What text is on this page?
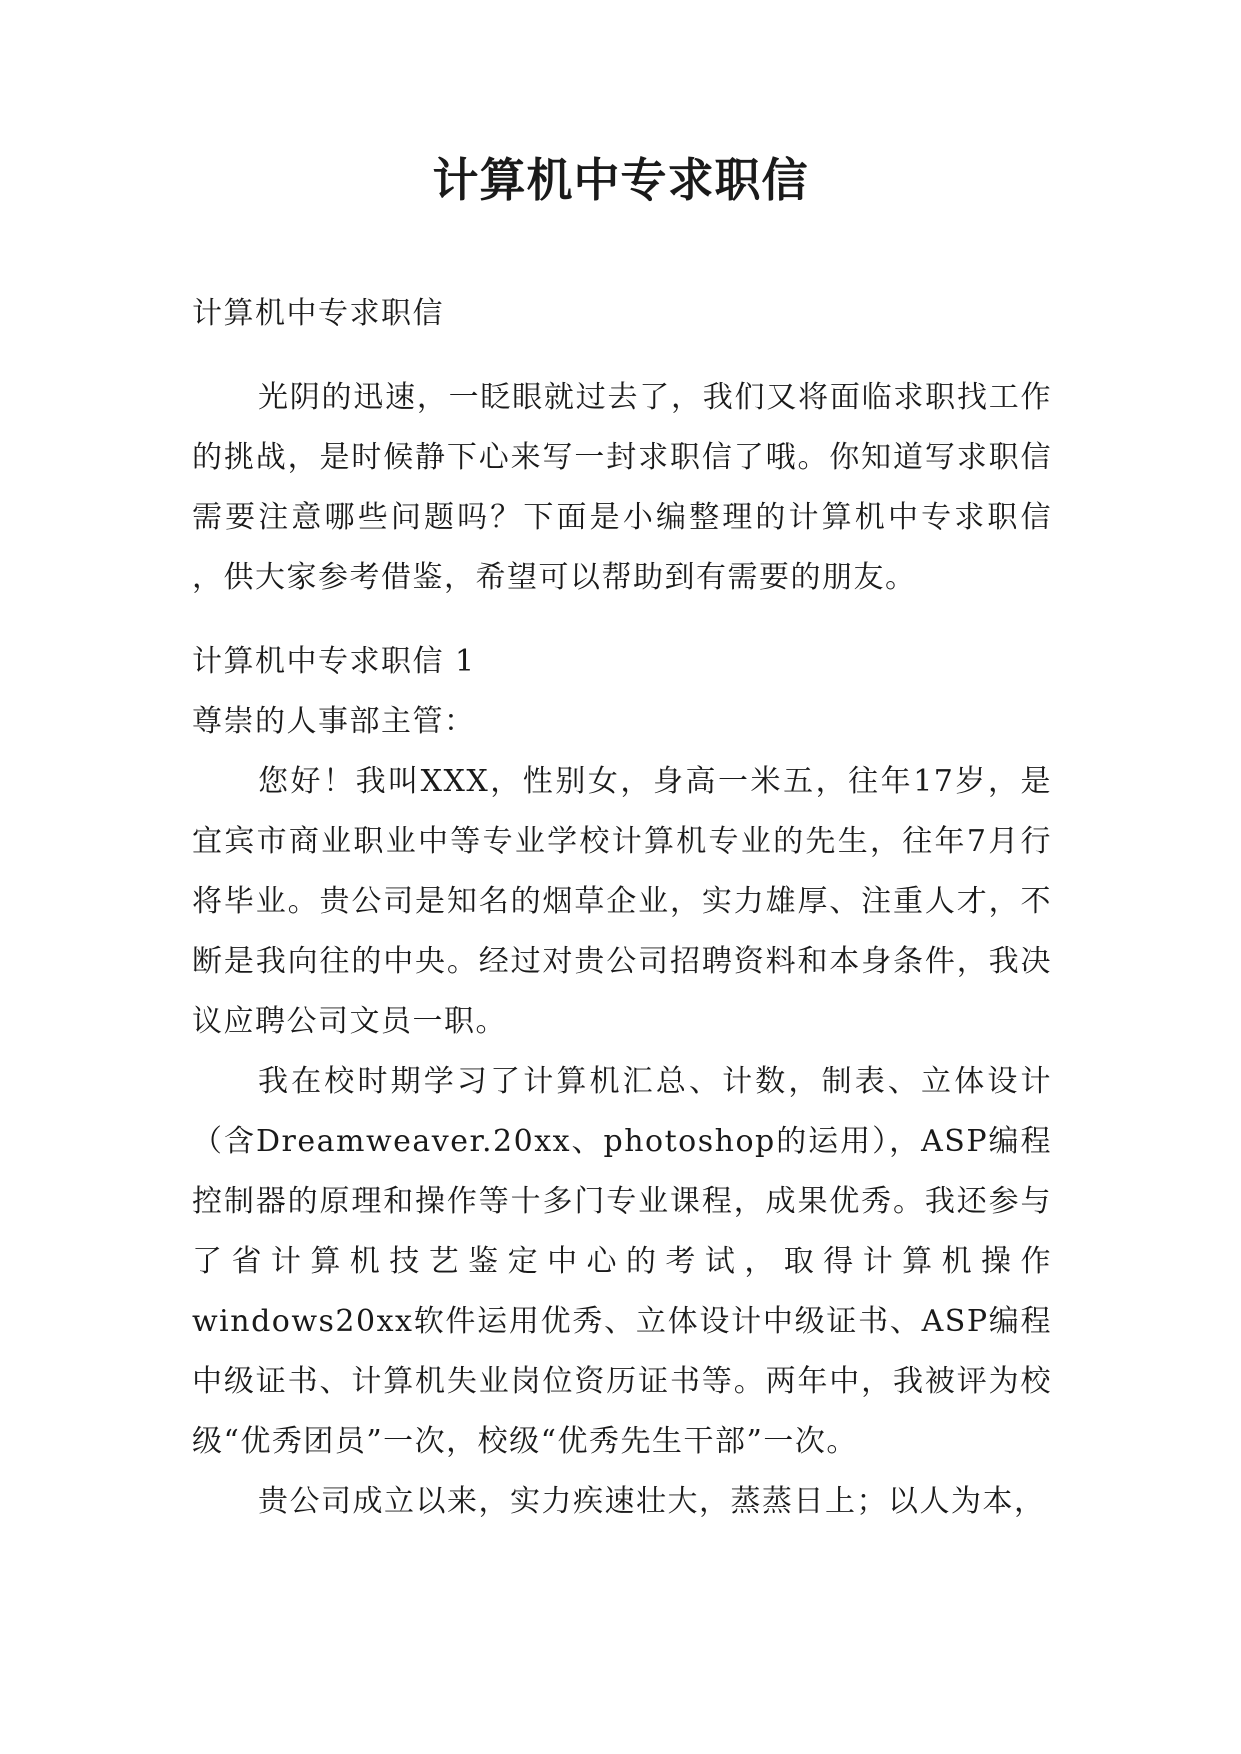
计算机中专求职信

计算机中专求职信

光阴的迅速，一眨眼就过去了，我们又将面临求职找工作的挑战，是时候静下心来写一封求职信了哦。你知道写求职信需要注意哪些问题吗？下面是小编整理的计算机中专求职信 ，供大家参考借鉴，希望可以帮助到有需要的朋友。

计算机中专求职信 1

尊崇的人事部主管：

您好！我叫XXX，性别女，身高一米五，往年17岁，是宜宾市商业职业中等专业学校计算机专业的先生，往年7月行将毕业。贵公司是知名的烟草企业，实力雄厚、注重人才，不断是我向往的中央。经过对贵公司招聘资料和本身条件，我决议应聘公司文员一职。

我在校时期学习了计算机汇总、计数，制表、立体设计（含Dreamweaver.20xx、photoshop的运用），ASP编程控制器的原理和操作等十多门专业课程，成果优秀。我还参与了省计算机技艺鉴定中心的考试，取得计算机操作windows20xx软件运用优秀、立体设计中级证书、ASP编程中级证书、计算机失业岗位资历证书等。两年中，我被评为校级“优秀团员”一次，校级“优秀先生干部”一次。

贵公司成立以来，实力疾速壮大，蒸蒸日上；以人为本，
